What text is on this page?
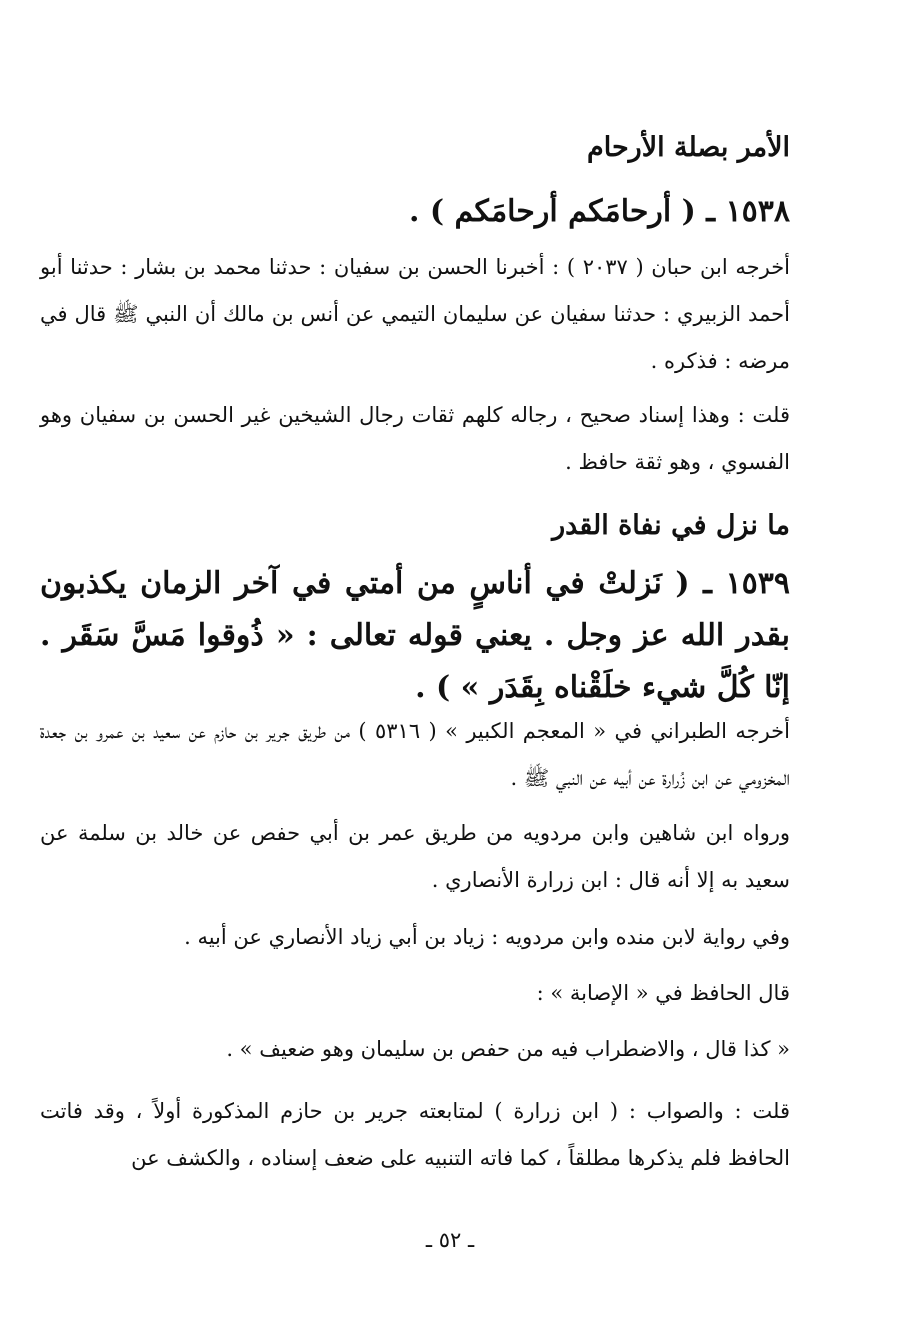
الأمر بصلة الأرحام
١٥٣٨ ـ ( أرحامَكم أرحامَكم ) .
أخرجه ابن حبان ( ٢٠٣٧ ) : أخبرنا الحسن بن سفيان : حدثنا محمد بن بشار : حدثنا أبو أحمد الزبيري : حدثنا سفيان عن سليمان التيمي عن أنس بن مالك أن النبي ﷺ قال في مرضه : فذكره .
قلت : وهذا إسناد صحيح ، رجاله كلهم ثقات رجال الشيخين غير الحسن بن سفيان وهو الفسوي ، وهو ثقة حافظ .
ما نزل في نفاة القدر
١٥٣٩ ـ ( نَزلتْ في أناسٍ من أمتي في آخر الزمان يكذبون بقدر الله عز وجل . يعني قوله تعالى : « ذُوقوا مَسَّ سَقَر . إنّا كُلَّ شيء خلَقْناه بِقَدَر » ) .
أخرجه الطبراني في « المعجم الكبير » ( ٥٣١٦ ) من طريق جرير بن حازم عن سعيد بن عمرو بن جعدة المخزومي عن ابن زُرارة عن أبيه عن النبي ﷺ .
ورواه ابن شاهين وابن مردويه من طريق عمر بن أبي حفص عن خالد بن سلمة عن سعيد به إلا أنه قال : ابن زرارة الأنصاري .
وفي رواية لابن منده وابن مردويه : زياد بن أبي زياد الأنصاري عن أبيه .
قال الحافظ في « الإصابة » :
« كذا قال ، والاضطراب فيه من حفص بن سليمان وهو ضعيف » .
قلت : والصواب : ( ابن زرارة ) لمتابعته جرير بن حازم المذكورة أولاً ، وقد فاتت الحافظ فلم يذكرها مطلقاً ، كما فاته التنبيه على ضعف إسناده ، والكشف عن
ـ ٥٢ ـ
